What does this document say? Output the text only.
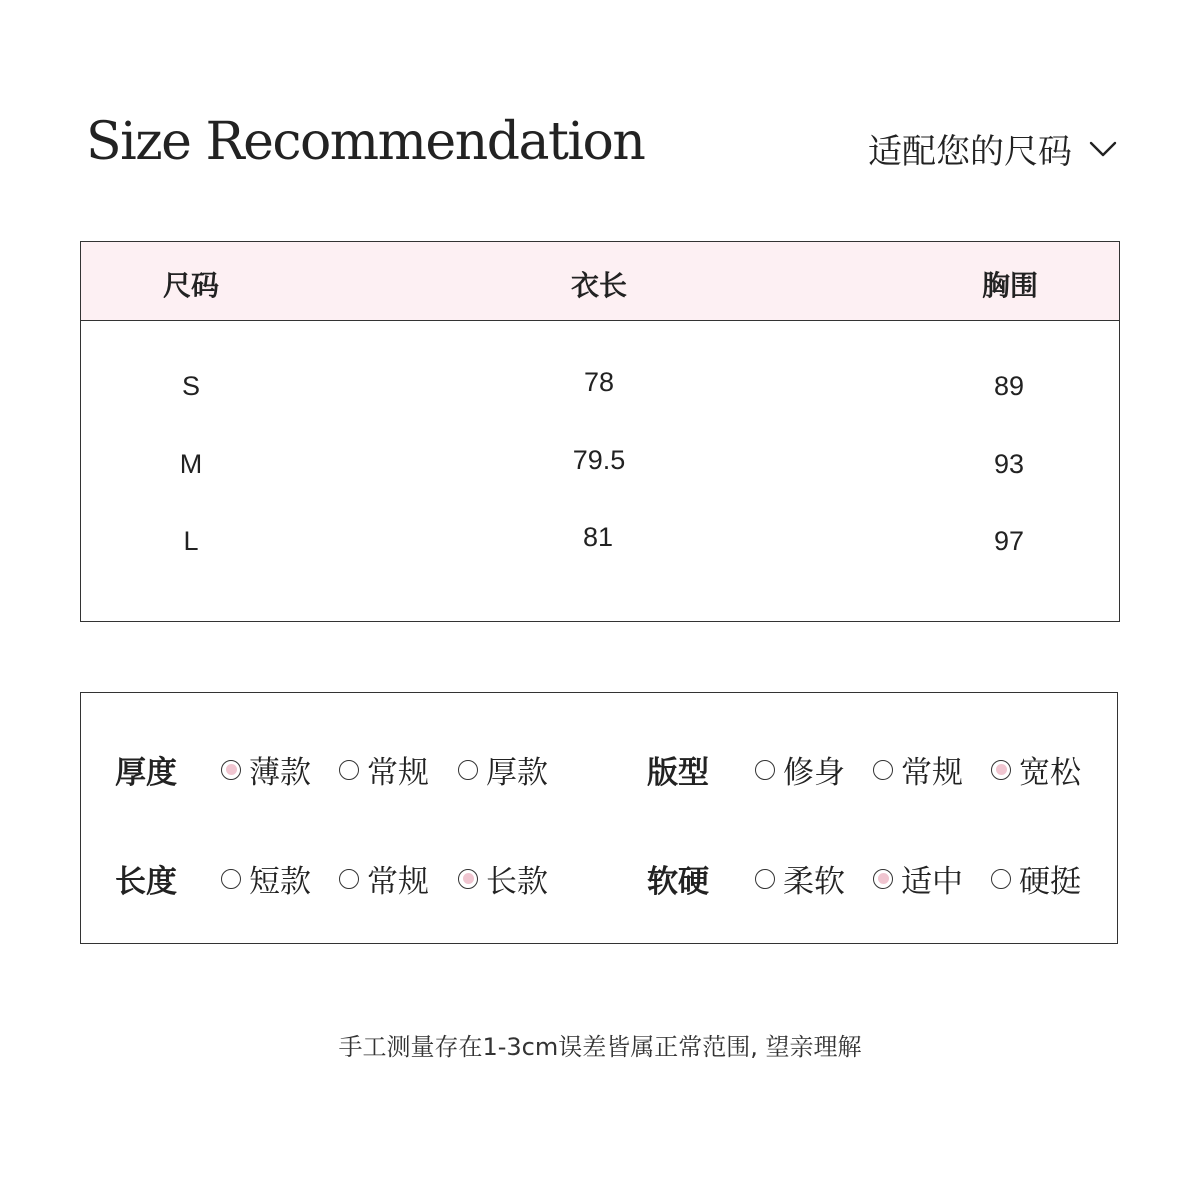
Size Recommendation	适配您的尺码
尺码	衣长	胸围
S	78	89
M	79.5	93
L	81	97
厚度 薄款 常规 厚款	版型 修身 常规 宽松
长度 短款 常规 长款	软硬 柔软 适中 硬挺
手工测量存在1-3cm误差皆属正常范围, 望亲理解
